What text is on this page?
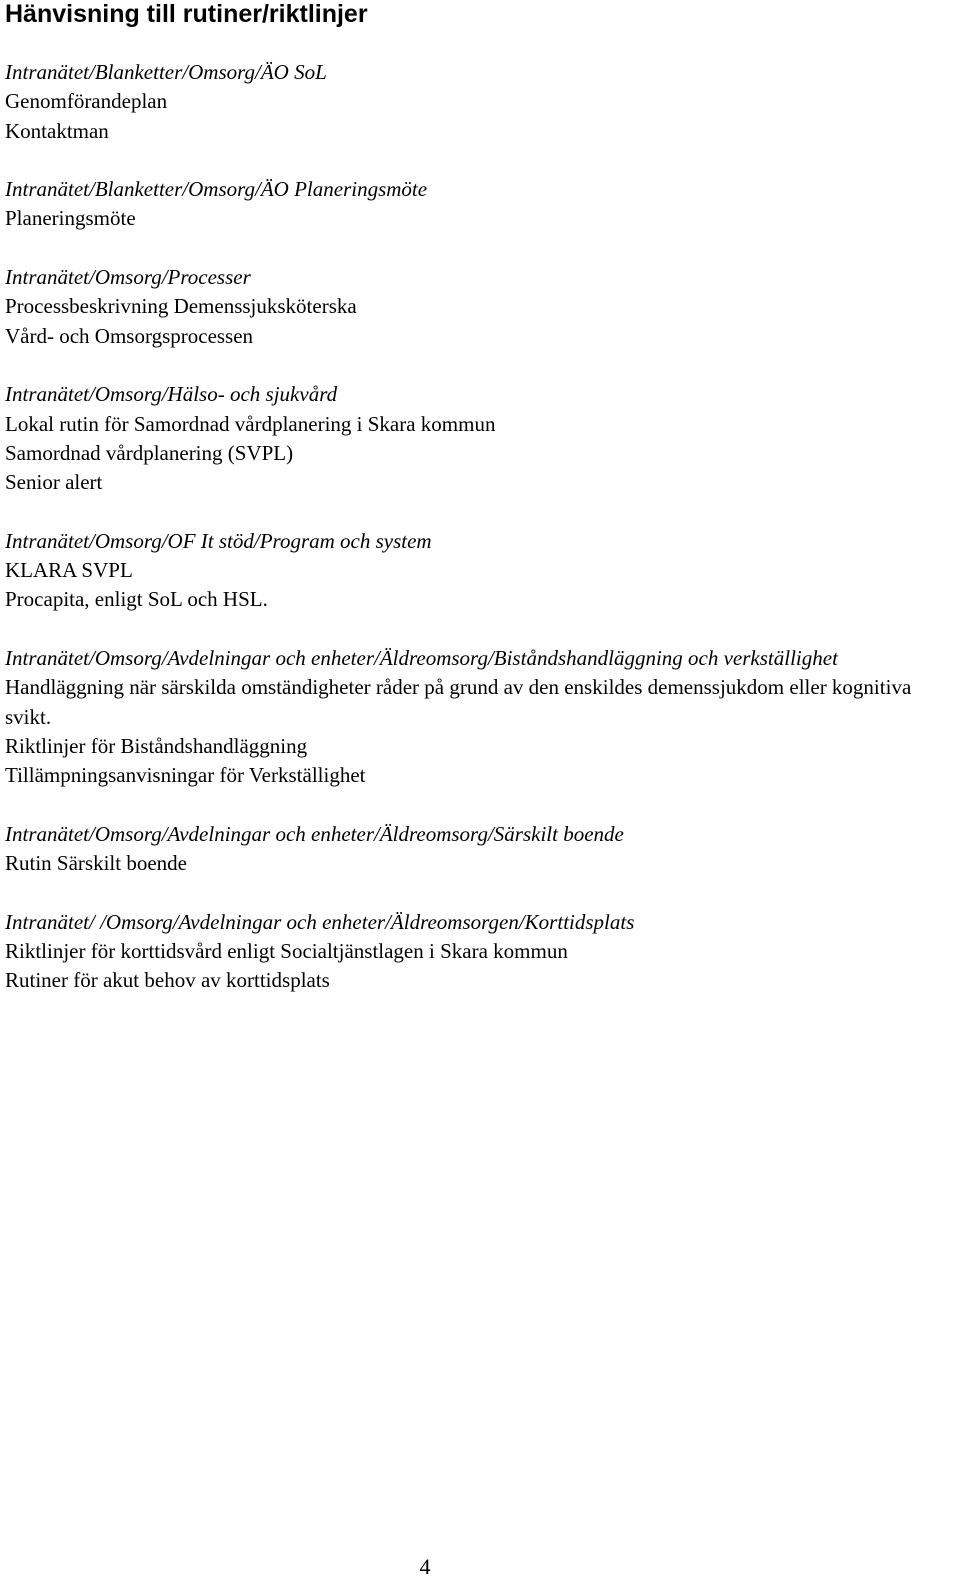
Hänvisning till rutiner/riktlinjer
Intranätet/Blanketter/Omsorg/ÄO SoL
Genomförandeplan
Kontaktman
Intranätet/Blanketter/Omsorg/ÄO Planeringsmöte
Planeringsmöte
Intranätet/Omsorg/Processer
Processbeskrivning Demenssjuksköterska
Vård- och Omsorgsprocessen
Intranätet/Omsorg/Hälso- och sjukvård
Lokal rutin för Samordnad vårdplanering i Skara kommun
Samordnad vårdplanering (SVPL)
Senior alert
Intranätet/Omsorg/OF It stöd/Program och system
KLARA SVPL
Procapita, enligt SoL och HSL.
Intranätet/Omsorg/Avdelningar och enheter/Äldreomsorg/Biståndshandläggning och verkställighet
Handläggning när särskilda omständigheter råder på grund av den enskildes demenssjukdom eller kognitiva svikt.
Riktlinjer för Biståndshandläggning
Tillämpningsanvisningar för Verkställighet
Intranätet/Omsorg/Avdelningar och enheter/Äldreomsorg/Särskilt boende
Rutin Särskilt boende
Intranätet/ /Omsorg/Avdelningar och enheter/Äldreomsorgen/Korttidsplats
Riktlinjer för korttidsvård enligt Socialtjänstlagen i Skara kommun
Rutiner för akut behov av korttidsplats
4
